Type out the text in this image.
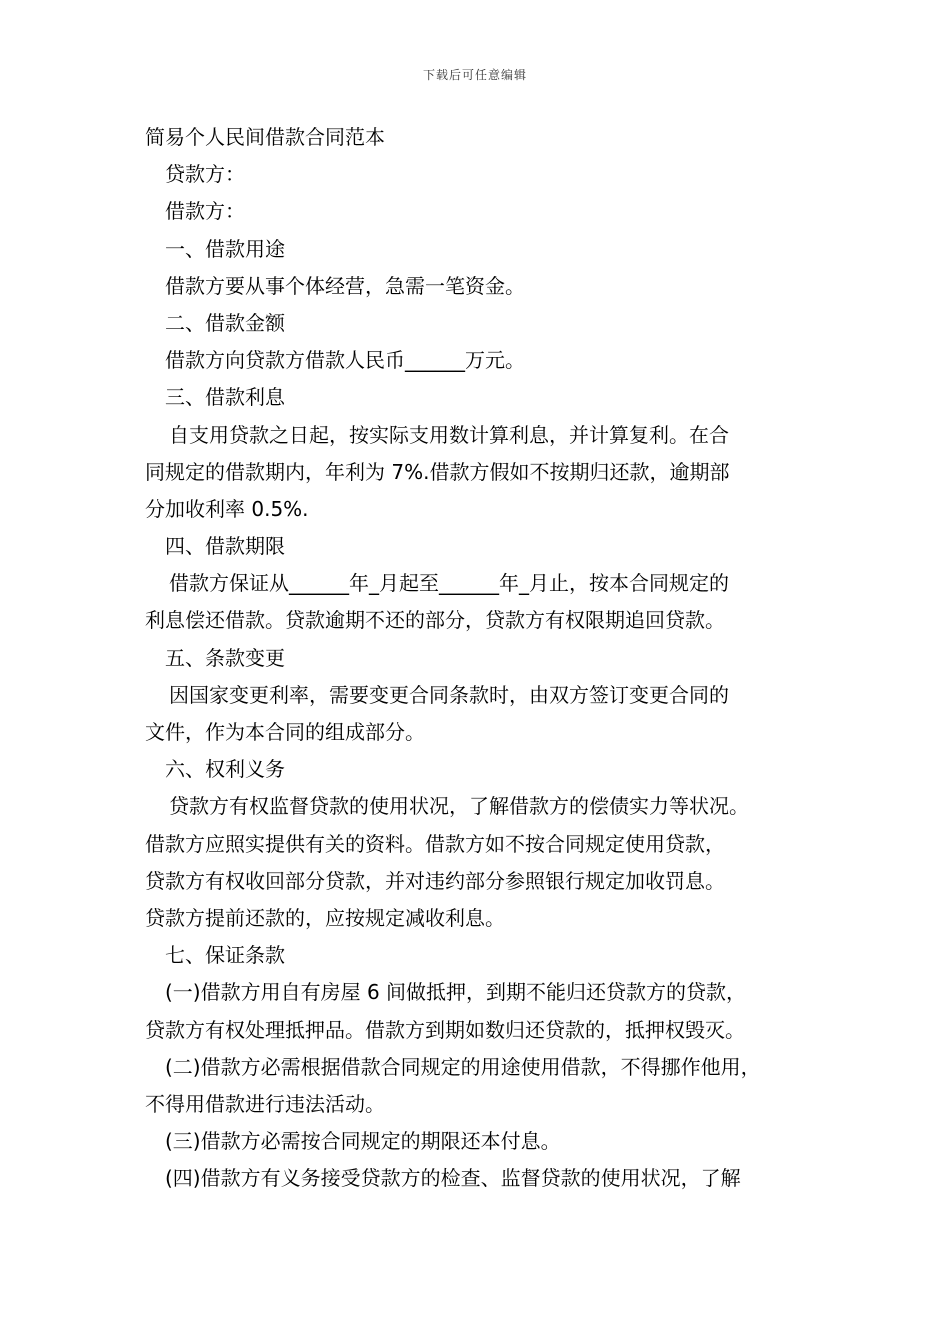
下载后可任意编辑
简易个人民间借款合同范本
贷款方：
借款方：
一、借款用途
借款方要从事个体经营，急需一笔资金。
二、借款金额
借款方向贷款方借款人民币______万元。
三、借款利息
自支用贷款之日起，按实际支用数计算利息，并计算复利。在合
同规定的借款期内，年利为 7%.借款方假如不按期归还款，逾期部
分加收利率 0.5%.
四、借款期限
借款方保证从______年_月起至______年_月止，按本合同规定的
利息偿还借款。贷款逾期不还的部分，贷款方有权限期追回贷款。
五、条款变更
因国家变更利率，需要变更合同条款时，由双方签订变更合同的
文件，作为本合同的组成部分。
六、权利义务
贷款方有权监督贷款的使用状况，了解借款方的偿债实力等状况。
借款方应照实提供有关的资料。借款方如不按合同规定使用贷款，
贷款方有权收回部分贷款，并对违约部分参照银行规定加收罚息。
贷款方提前还款的，应按规定减收利息。
七、保证条款
(一)借款方用自有房屋 6 间做抵押，到期不能归还贷款方的贷款，
贷款方有权处理抵押品。借款方到期如数归还贷款的，抵押权毁灭。
(二)借款方必需根据借款合同规定的用途使用借款，不得挪作他用，
不得用借款进行违法活动。
(三)借款方必需按合同规定的期限还本付息。
(四)借款方有义务接受贷款方的检查、监督贷款的使用状况，了解
